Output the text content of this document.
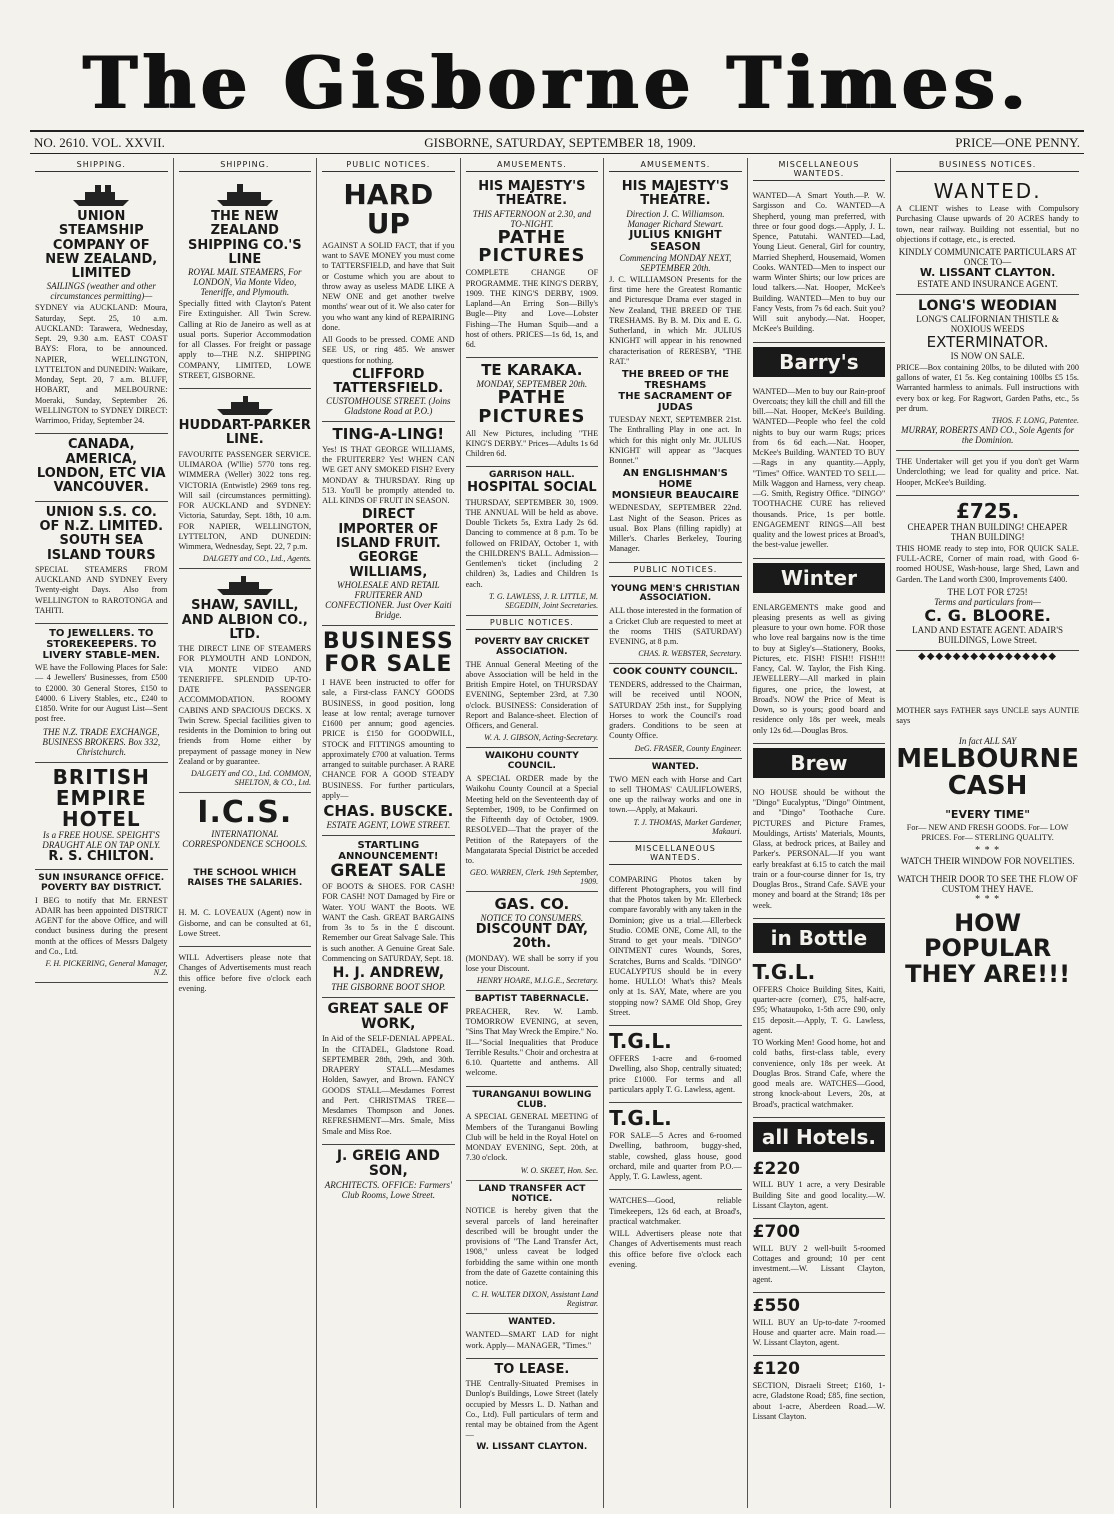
The Gisborne Times.
NO. 2610. VOL. XXVII.	GISBORNE, SATURDAY, SEPTEMBER 18, 1909.	PRICE—ONE PENNY.
SHIPPING.
UNION STEAMSHIP COMPANY OF NEW ZEALAND, LIMITED
SAILINGS (weather and other circumstances permitting)—

SYDNEY via AUCKLAND: Moura, Saturday, Sept. 25, 10 a.m. AUCKLAND: Tarawera, Wednesday, Sept. 29, 9.30 a.m. EAST COAST BAYS: Flora, to be announced. NAPIER, WELLINGTON, LYTTELTON and DUNEDIN: Waikare, Monday, Sept. 20, 7 a.m. BLUFF, HOBART, and MELBOURNE: Moeraki, Sunday, September 26. WELLINGTON to SYDNEY DIRECT: Warrimoo, Friday, September 24.

CANADA, AMERICA, LONDON, ETC VIA VANCOUVER.
UNION S.S. CO. OF N.Z. LIMITED.
SOUTH SEA ISLAND TOURS

SPECIAL STEAMERS FROM AUCKLAND AND SYDNEY Every Twenty-eight Days. Also from WELLINGTON to RAROTONGA and TAHITI.

TO JEWELLERS. TO STOREKEEPERS. TO LIVERY STABLE-MEN.

WE have the Following Places for Sale:— 4 Jewellers' Businesses, from £500 to £2000. 30 General Stores, £150 to £4000. 6 Livery Stables, etc., £240 to £1850. Write for our August List—Sent post free.

THE N.Z. TRADE EXCHANGE, BUSINESS BROKERS. Box 332, Christchurch.
BRITISH EMPIRE HOTEL
Is a FREE HOUSE. SPEIGHT'S DRAUGHT ALE ON TAP ONLY.
R. S. CHILTON.
SUN INSURANCE OFFICE. POVERTY BAY DISTRICT.

I BEG to notify that Mr. ERNEST ADAIR has been appointed DISTRICT AGENT for the above Office, and will conduct business during the present month at the offices of Messrs Dalgety and Co., Ltd.

F. H. PICKERING, General Manager, N.Z.
SHIPPING.
THE NEW ZEALAND SHIPPING CO.'S LINE
ROYAL MAIL STEAMERS, For LONDON, Via Monte Video, Teneriffe, and Plymouth.

Specially fitted with Clayton's Patent Fire Extinguisher. All Twin Screw. Calling at Rio de Janeiro as well as at usual ports. Superior Accommodation for all Classes. For freight or passage apply to—THE N.Z. SHIPPING COMPANY, LIMITED, LOWE STREET, GISBORNE.

HUDDART-PARKER LINE.

FAVOURITE PASSENGER SERVICE. ULIMAROA (W'llie) 5770 tons reg. WIMMERA (Weller) 3022 tons reg. VICTORIA (Entwistle) 2969 tons reg. Will sail (circumstances permitting). FOR AUCKLAND and SYDNEY: Victoria, Saturday, Sept. 18th, 10 a.m. FOR NAPIER, WELLINGTON, LYTTELTON, AND DUNEDIN: Wimmera, Wednesday, Sept. 22, 7 p.m.

DALGETY and CO., Ltd., Agents.
SHAW, SAVILL, AND ALBION CO., LTD.

THE DIRECT LINE OF STEAMERS FOR PLYMOUTH AND LONDON, VIA MONTE VIDEO AND TENERIFFE. SPLENDID UP-TO-DATE PASSENGER ACCOMMODATION. ROOMY CABINS AND SPACIOUS DECKS. X Twin Screw. Special facilities given to residents in the Dominion to bring out friends from Home either by prepayment of passage money in New Zealand or by guarantee.

DALGETY and CO., Ltd. COMMON, SHELTON, & CO., Ltd.
I.C.S.
INTERNATIONAL CORRESPONDENCE SCHOOLS.
THE SCHOOL WHICH RAISES THE SALARIES.

H. M. C. LOVEAUX (Agent) now in Gisborne, and can be consulted at 61, Lowe Street.

WILL Advertisers please note that Changes of Advertisements must reach this office before five o'clock each evening.

PUBLIC NOTICES.
HARD UP

AGAINST A SOLID FACT, that if you want to SAVE MONEY you must come to TATTERSFIELD, and have that Suit or Costume which you are about to throw away as useless MADE LIKE A NEW ONE and get another twelve months' wear out of it. We also cater for you who want any kind of REPAIRING done.

All Goods to be pressed. COME AND SEE US, or ring 485. We answer questions for nothing.

CLIFFORD TATTERSFIELD.
CUSTOMHOUSE STREET. (Joins Gladstone Road at P.O.)
TING-A-LING!

Yes! IS THAT GEORGE WILLIAMS, the FRUITERER? Yes! WHEN CAN WE GET ANY SMOKED FISH? Every MONDAY & THURSDAY. Ring up 513. You'll be promptly attended to. ALL KINDS OF FRUIT IN SEASON.

DIRECT IMPORTER OF ISLAND FRUIT.
GEORGE WILLIAMS,
WHOLESALE AND RETAIL FRUITERER AND CONFECTIONER. Just Over Kaiti Bridge.
BUSINESS FOR SALE

I HAVE been instructed to offer for sale, a First-class FANCY GOODS BUSINESS, in good position, long lease at low rental; average turnover £1600 per annum; good agencies. PRICE is £150 for GOODWILL, STOCK and FITTINGS amounting to approximately £700 at valuation. Terms arranged to suitable purchaser. A RARE CHANCE FOR A GOOD STEADY BUSINESS. For further particulars, apply—

CHAS. BUSCKE.
ESTATE AGENT, LOWE STREET.
STARTLING ANNOUNCEMENT!
GREAT SALE

OF BOOTS & SHOES. FOR CASH! FOR CASH! NOT Damaged by Fire or Water. YOU WANT the Boots. WE WANT the Cash. GREAT BARGAINS from 3s to 5s in the £ discount. Remember our Great Salvage Sale. This is such another. A Genuine Great Sale. Commencing on SATURDAY, Sept. 18.

H. J. ANDREW,
THE GISBORNE BOOT SHOP.
GREAT SALE OF WORK,

In Aid of the SELF-DENIAL APPEAL. In the CITADEL, Gladstone Road. SEPTEMBER 28th, 29th, and 30th. DRAPERY STALL—Mesdames Holden, Sawyer, and Brown. FANCY GOODS STALL—Mesdames Forrest and Pert. CHRISTMAS TREE—Mesdames Thompson and Jones. REFRESHMENT—Mrs. Smale, Miss Smale and Miss Roe.

J. GREIG AND SON,
ARCHITECTS. OFFICE: Farmers' Club Rooms, Lowe Street.
AMUSEMENTS.
HIS MAJESTY'S THEATRE.
THIS AFTERNOON at 2.30, and TO-NIGHT.
PATHE PICTURES

COMPLETE CHANGE OF PROGRAMME. THE KING'S DERBY, 1909. THE KING'S DERBY, 1909. Lapland—An Erring Son—Billy's Bugle—Pity and Love—Lobster Fishing—The Human Squib—and a host of others. PRICES—1s 6d, 1s, and 6d.

TE KARAKA.
MONDAY, SEPTEMBER 20th.
PATHE PICTURES

All New Pictures, including "THE KING'S DERBY." Prices—Adults 1s 6d Children 6d.

GARRISON HALL.
HOSPITAL SOCIAL

THURSDAY, SEPTEMBER 30, 1909. THE ANNUAL Will be held as above. Double Tickets 5s, Extra Lady 2s 6d. Dancing to commence at 8 p.m. To be followed on FRIDAY, October 1, with the CHILDREN'S BALL. Admission—Gentlemen's ticket (including 2 children) 3s, Ladies and Children 1s each.

T. G. LAWLESS, J. R. LITTLE, M. SEGEDIN, Joint Secretaries.
PUBLIC NOTICES.
POVERTY BAY CRICKET ASSOCIATION.

THE Annual General Meeting of the above Association will be held in the British Empire Hotel, on THURSDAY EVENING, September 23rd, at 7.30 o'clock. BUSINESS: Consideration of Report and Balance-sheet. Election of Officers, and General.

W. A. J. GIBSON, Acting-Secretary.
WAIKOHU COUNTY COUNCIL.

A SPECIAL ORDER made by the Waikohu County Council at a Special Meeting held on the Seventeenth day of September, 1909, to be Confirmed on the Fifteenth day of October, 1909. RESOLVED—That the prayer of the Petition of the Ratepayers of the Mangatarata Special District be acceded to.

GEO. WARREN, Clerk. 19th September, 1909.
GAS. CO.
NOTICE TO CONSUMERS.
DISCOUNT DAY, 20th.

(MONDAY). WE shall be sorry if you lose your Discount.

HENRY HOARE, M.I.G.E., Secretary.
BAPTIST TABERNACLE.

PREACHER, Rev. W. Lamb. TOMORROW EVENING, at seven, "Sins That May Wreck the Empire." No. II—"Social Inequalities that Produce Terrible Results." Choir and orchestra at 6.10. Quartette and anthems. All welcome.

TURANGANUI BOWLING CLUB.

A SPECIAL GENERAL MEETING of Members of the Turanganui Bowling Club will be held in the Royal Hotel on MONDAY EVENING, Sept. 20th, at 7.30 o'clock.

W. O. SKEET, Hon. Sec.
LAND TRANSFER ACT NOTICE.

NOTICE is hereby given that the several parcels of land hereinafter described will be brought under the provisions of "The Land Transfer Act, 1908," unless caveat be lodged forbidding the same within one month from the date of Gazette containing this notice.

C. H. WALTER DIXON, Assistant Land Registrar.
WANTED.

WANTED—SMART LAD for night work. Apply— MANAGER, "Times."

TO LEASE.

THE Centrally-Situated Premises in Dunlop's Buildings, Lowe Street (lately occupied by Messrs L. D. Nathan and Co., Ltd). Full particulars of term and rental may be obtained from the Agent—

W. LISSANT CLAYTON.
AMUSEMENTS.
HIS MAJESTY'S THEATRE.
Direction J. C. Williamson. Manager Richard Stewart.
JULIUS KNIGHT SEASON
Commencing MONDAY NEXT, SEPTEMBER 20th.

J. C. WILLIAMSON Presents for the first time here the Greatest Romantic and Picturesque Drama ever staged in New Zealand, THE BREED OF THE TRESHAMS. By B. M. Dix and E. G. Sutherland, in which Mr. JULIUS KNIGHT will appear in his renowned characterisation of RERESBY, "THE RAT."

THE BREED OF THE TRESHAMS
THE SACRAMENT OF JUDAS

TUESDAY NEXT, SEPTEMBER 21st. The Enthralling Play in one act. In which for this night only Mr. JULIUS KNIGHT will appear as "Jacques Bonnet."

AN ENGLISHMAN'S HOME
MONSIEUR BEAUCAIRE

WEDNESDAY, SEPTEMBER 22nd. Last Night of the Season. Prices as usual. Box Plans (filling rapidly) at Miller's. Charles Berkeley, Touring Manager.

PUBLIC NOTICES.
YOUNG MEN'S CHRISTIAN ASSOCIATION.

ALL those interested in the formation of a Cricket Club are requested to meet at the rooms THIS (SATURDAY) EVENING, at 8 p.m.

CHAS. R. WEBSTER, Secretary.
COOK COUNTY COUNCIL.

TENDERS, addressed to the Chairman, will be received until NOON, SATURDAY 25th inst., for Supplying Horses to work the Council's road graders. Conditions to be seen at County Office.

DeG. FRASER, County Engineer.
WANTED.

TWO MEN each with Horse and Cart to sell THOMAS' CAULIFLOWERS, one up the railway works and one in town.—Apply, at Makauri.

T. J. THOMAS, Market Gardener, Makauri.
MISCELLANEOUS WANTEDS.

COMPARING Photos taken by different Photographers, you will find that the Photos taken by Mr. Ellerbeck compare favorably with any taken in the Dominion; give us a trial.—Ellerbeck Studio. COME ONE, Come All, to the Strand to get your meals. "DINGO" OINTMENT cures Wounds, Sores, Scratches, Burns and Scalds. "DINGO" EUCALYPTUS should be in every home. HULLO! What's this? Meals only at 1s. SAY, Mate, where are you stopping now? SAME Old Shop, Grey Street.

T.G.L.

OFFERS 1-acre and 6-roomed Dwelling, also Shop, centrally situated; price £1000. For terms and all particulars apply T. G. Lawless, agent.

T.G.L.

FOR SALE—5 Acres and 6-roomed Dwelling, bathroom, buggy-shed, stable, cowshed, glass house, good orchard, mile and quarter from P.O.—Apply, T. G. Lawless, agent.

WATCHES—Good, reliable Timekeepers, 12s 6d each, at Broad's, practical watchmaker.

WILL Advertisers please note that Changes of Advertisements must reach this office before five o'clock each evening.

MISCELLANEOUS WANTEDS.

WANTED—A Smart Youth.—P. W. Sargisson and Co. WANTED—A Shepherd, young man preferred, with three or four good dogs.—Apply, J. L. Spence, Patutahi. WANTED—Lad, Young Lieut. General, Girl for country, Married Shepherd, Housemaid, Women Cooks. WANTED—Men to inspect our warm Winter Shirts; our low prices are loud talkers.—Nat. Hooper, McKee's Building. WANTED—Men to buy our Fancy Vests, from 7s 6d each. Suit you? Will suit anybody.—Nat. Hooper, McKee's Building.

Barry's

WANTED—Men to buy our Rain-proof Overcoats; they kill the chill and fill the bill.—Nat. Hooper, McKee's Building. WANTED—People who feel the cold nights to buy our warm Rugs; prices from 6s 6d each.—Nat. Hooper, McKee's Building. WANTED TO BUY—Rags in any quantity.—Apply, "Times" Office. WANTED TO SELL—Milk Waggon and Harness, very cheap.—G. Smith, Registry Office. "DINGO" TOOTHACHE CURE has relieved thousands. Price, 1s per bottle. ENGAGEMENT RINGS—All best quality and the lowest prices at Broad's, the best-value jeweller.

Winter

ENLARGEMENTS make good and pleasing presents as well as giving pleasure to your own home. FOR those who love real bargains now is the time to buy at Sigley's—Stationery, Books, Pictures, etc. FISH! FISH!! FISH!!! Fancy, Cal. W. Taylor, the Fish King. JEWELLERY—All marked in plain figures, one price, the lowest, at Broad's. NOW the Price of Meat is Down, so is yours; good board and residence only 18s per week, meals only 12s 6d.—Douglas Bros.

Brew

NO HOUSE should be without the "Dingo" Eucalyptus, "Dingo" Ointment, and "Dingo" Toothache Cure. PICTURES and Picture Frames, Mouldings, Artists' Materials, Mounts, Glass, at bedrock prices, at Bailey and Parker's. PERSONAL—If you want early breakfast at 6.15 to catch the mail train or a four-course dinner for 1s, try Douglas Bros., Strand Cafe. SAVE your money and board at the Strand; 18s per week.

in Bottle
T.G.L.

OFFERS Choice Building Sites, Kaiti, quarter-acre (corner), £75, half-acre, £95; Whataupoko, 1-5th acre £90, only £15 deposit.—Apply, T. G. Lawless, agent.

TO Working Men! Good home, hot and cold baths, first-class table, every convenience, only 18s per week. At Douglas Bros. Strand Cafe, where the good meals are. WATCHES—Good, strong knock-about Levers, 20s, at Broad's, practical watchmaker.

all Hotels.
£220

WILL BUY 1 acre, a very Desirable Building Site and good locality.—W. Lissant Clayton, agent.

£700

WILL BUY 2 well-built 5-roomed Cottages and ground; 10 per cent investment.—W. Lissant Clayton, agent.

£550

WILL BUY an Up-to-date 7-roomed House and quarter acre. Main road.—W. Lissant Clayton, agent.

£120

SECTION, Disraeli Street; £160, 1-acre, Gladstone Road; £85, fine section, about 1-acre, Aberdeen Road.—W. Lissant Clayton.

BUSINESS NOTICES.
WANTED.

A CLIENT wishes to Lease with Compulsory Purchasing Clause upwards of 20 ACRES handy to town, near railway. Building not essential, but no objections if cottage, etc., is erected.

KINDLY COMMUNICATE PARTICULARS AT ONCE TO—
W. LISSANT CLAYTON.
ESTATE AND INSURANCE AGENT.
LONG'S WEODIAN
LONG'S CALIFORNIAN THISTLE & NOXIOUS WEEDS
EXTERMINATOR.
IS NOW ON SALE.

PRICE—Box containing 20lbs, to be diluted with 200 gallons of water, £1 5s. Keg containing 100lbs £5 15s. Warranted harmless to animals. Full instructions with every box or keg. For Ragwort, Garden Paths, etc., 5s per drum.

THOS. F. LONG, Patentee.
MURRAY, ROBERTS AND CO., Sole Agents for the Dominion.

THE Undertaker will get you if you don't get Warm Underclothing; we lead for quality and price. Nat. Hooper, McKee's Building.

£725.
CHEAPER THAN BUILDING! CHEAPER THAN BUILDING!

THIS HOME ready to step into, FOR QUICK SALE. FULL-ACRE, Corner of main road, with Good 6-roomed HOUSE, Wash-house, large Shed, Lawn and Garden. The Land worth £300, Improvements £400.

THE LOT FOR £725!
Terms and particulars from—
C. G. BLOORE.
LAND AND ESTATE AGENT. ADAIR'S BUILDINGS, Lowe Street.
◆◆◆◆◆◆◆◆◆◆◆◆◆◆◆◆

MOTHER says FATHER says UNCLE says AUNTIE says

In fact ALL SAY
MELBOURNE CASH
"EVERY TIME"

For— NEW AND FRESH GOODS. For— LOW PRICES. For— STERLING QUALITY.

* * *
WATCH THEIR WINDOW FOR NOVELTIES.
WATCH THEIR DOOR TO SEE THE FLOW OF CUSTOM THEY HAVE.
* * *
HOW POPULAR THEY ARE!!!
